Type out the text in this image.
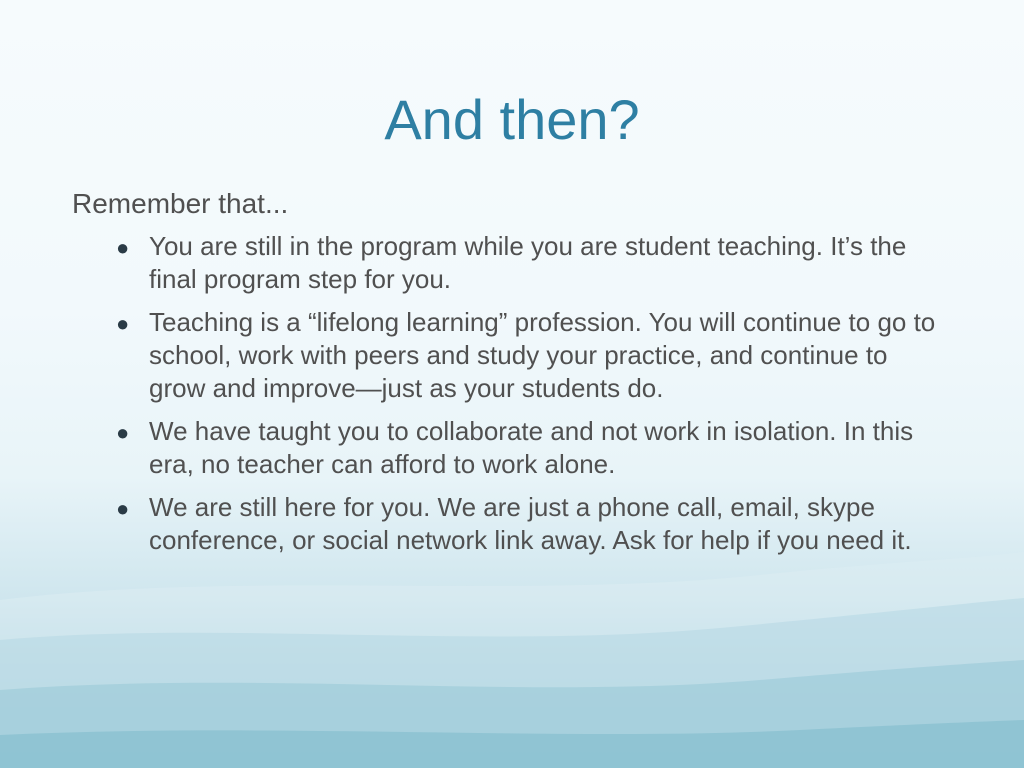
And then?

Remember that...

● You are still in the program while you are student teaching. It’s the final program step for you.
● Teaching is a “lifelong learning” profession. You will continue to go to school, work with peers and study your practice, and continue to grow and improve—just as your students do.
● We have taught you to collaborate and not work in isolation. In this era, no teacher can afford to work alone.
● We are still here for you. We are just a phone call, email, skype conference, or social network link away. Ask for help if you need it.
